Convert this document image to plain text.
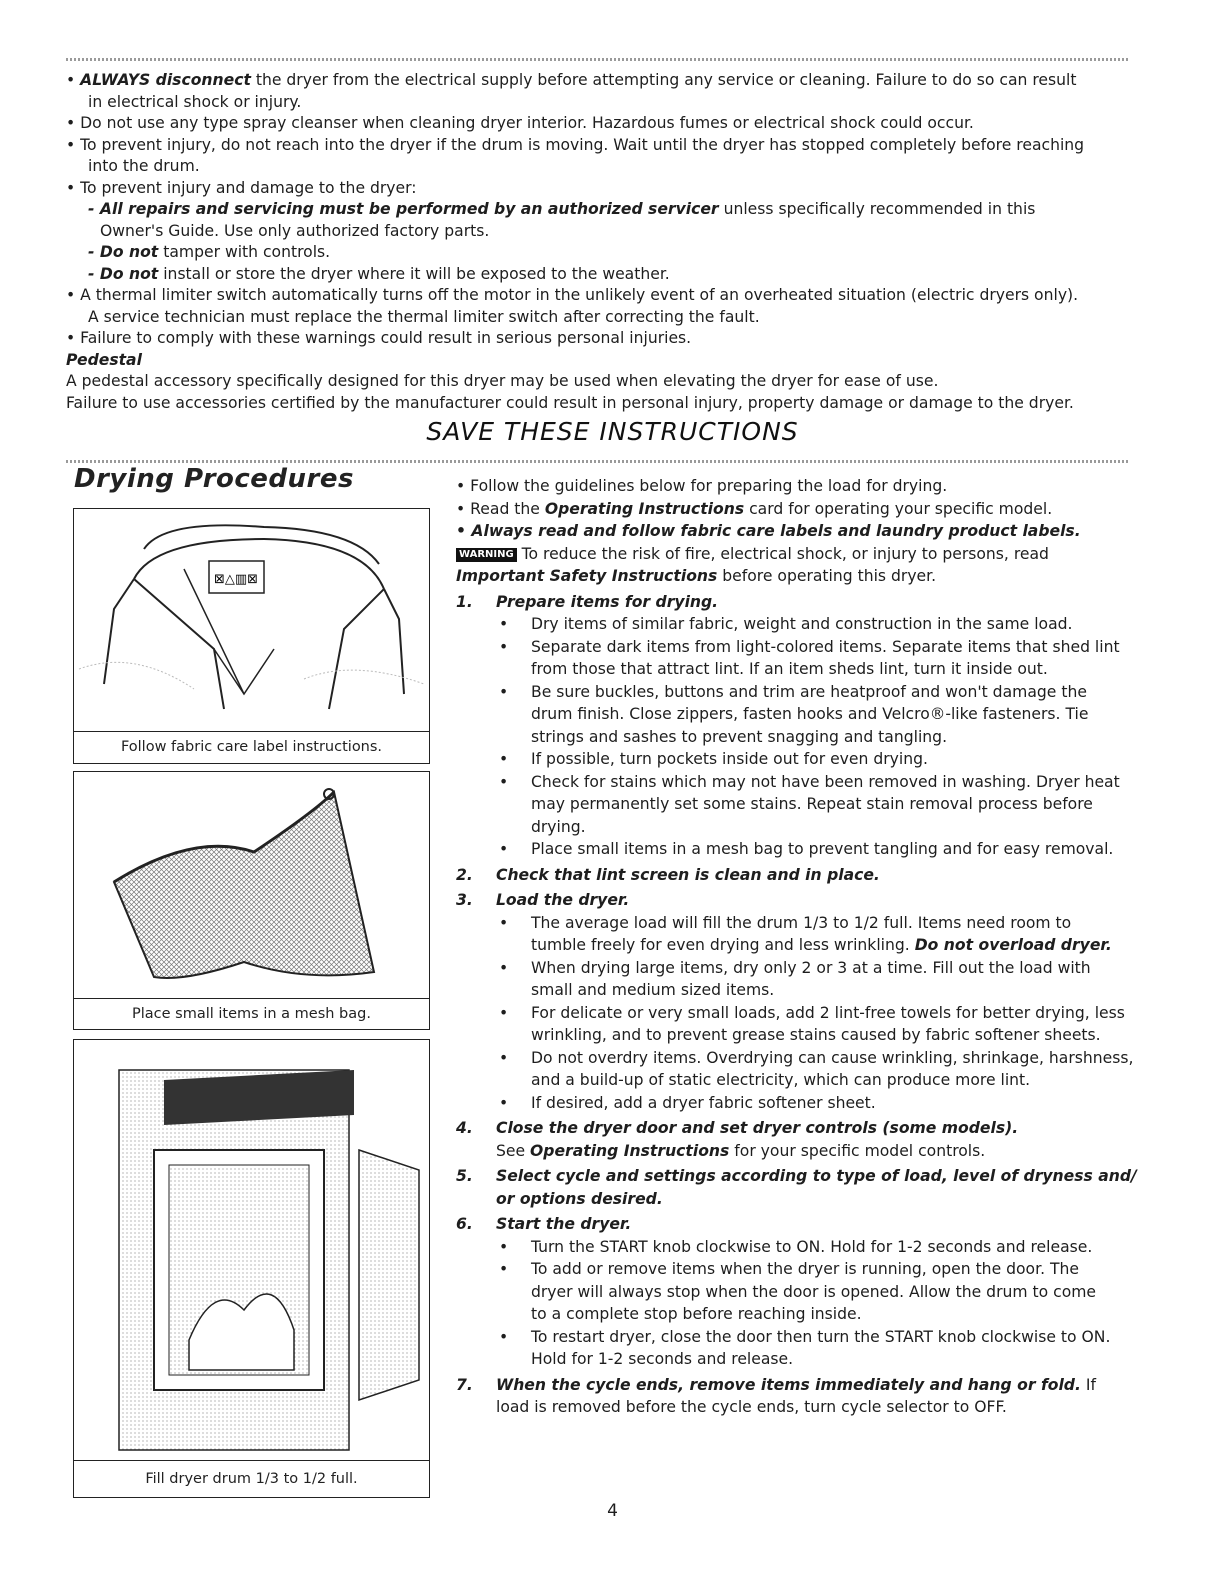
• ALWAYS disconnect the dryer from the electrical supply before attempting any service or cleaning. Failure to do so can result
in electrical shock or injury.
• Do not use any type spray cleanser when cleaning dryer interior. Hazardous fumes or electrical shock could occur.
• To prevent injury, do not reach into the dryer if the drum is moving. Wait until the dryer has stopped completely before reaching
into the drum.
• To prevent injury and damage to the dryer:
- All repairs and servicing must be performed by an authorized servicer unless specifically recommended in this
Owner's Guide. Use only authorized factory parts.
- Do not tamper with controls.
- Do not install or store the dryer where it will be exposed to the weather.
• A thermal limiter switch automatically turns off the motor in the unlikely event of an overheated situation (electric dryers only).
A service technician must replace the thermal limiter switch after correcting the fault.
• Failure to comply with these warnings could result in serious personal injuries.
Pedestal
A pedestal accessory specifically designed for this dryer may be used when elevating the dryer for ease of use.
Failure to use accessories certified by the manufacturer could result in personal injury, property damage or damage to the dryer.
SAVE THESE INSTRUCTIONS
Drying Procedures
⊠△▥⊠
Follow fabric care label instructions.
Place small items in a mesh bag.
Fill dryer drum 1/3 to 1/2 full.
• Follow the guidelines below for preparing the load for drying.
• Read the Operating Instructions card for operating your specific model.
• Always read and follow fabric care labels and laundry product labels.
WARNING To reduce the risk of fire, electrical shock, or injury to persons, read
Important Safety Instructions before operating this dryer.
1. Prepare items for drying.
• Dry items of similar fabric, weight and construction in the same load.
• Separate dark items from light-colored items. Separate items that shed lint
from those that attract lint. If an item sheds lint, turn it inside out.
• Be sure buckles, buttons and trim are heatproof and won't damage the
drum finish. Close zippers, fasten hooks and Velcro®-like fasteners. Tie
strings and sashes to prevent snagging and tangling.
• If possible, turn pockets inside out for even drying.
• Check for stains which may not have been removed in washing. Dryer heat
may permanently set some stains. Repeat stain removal process before
drying.
• Place small items in a mesh bag to prevent tangling and for easy removal.
2. Check that lint screen is clean and in place.
3. Load the dryer.
• The average load will fill the drum 1/3 to 1/2 full. Items need room to
tumble freely for even drying and less wrinkling. Do not overload dryer.
• When drying large items, dry only 2 or 3 at a time. Fill out the load with
small and medium sized items.
• For delicate or very small loads, add 2 lint-free towels for better drying, less
wrinkling, and to prevent grease stains caused by fabric softener sheets.
• Do not overdry items. Overdrying can cause wrinkling, shrinkage, harshness,
and a build-up of static electricity, which can produce more lint.
• If desired, add a dryer fabric softener sheet.
4. Close the dryer door and set dryer controls (some models).
See Operating Instructions for your specific model controls.
5. Select cycle and settings according to type of load, level of dryness and/
or options desired.
6. Start the dryer.
• Turn the START knob clockwise to ON. Hold for 1-2 seconds and release.
• To add or remove items when the dryer is running, open the door. The
dryer will always stop when the door is opened. Allow the drum to come
to a complete stop before reaching inside.
• To restart dryer, close the door then turn the START knob clockwise to ON.
Hold for 1-2 seconds and release.
7. When the cycle ends, remove items immediately and hang or fold. If
load is removed before the cycle ends, turn cycle selector to OFF.
4
